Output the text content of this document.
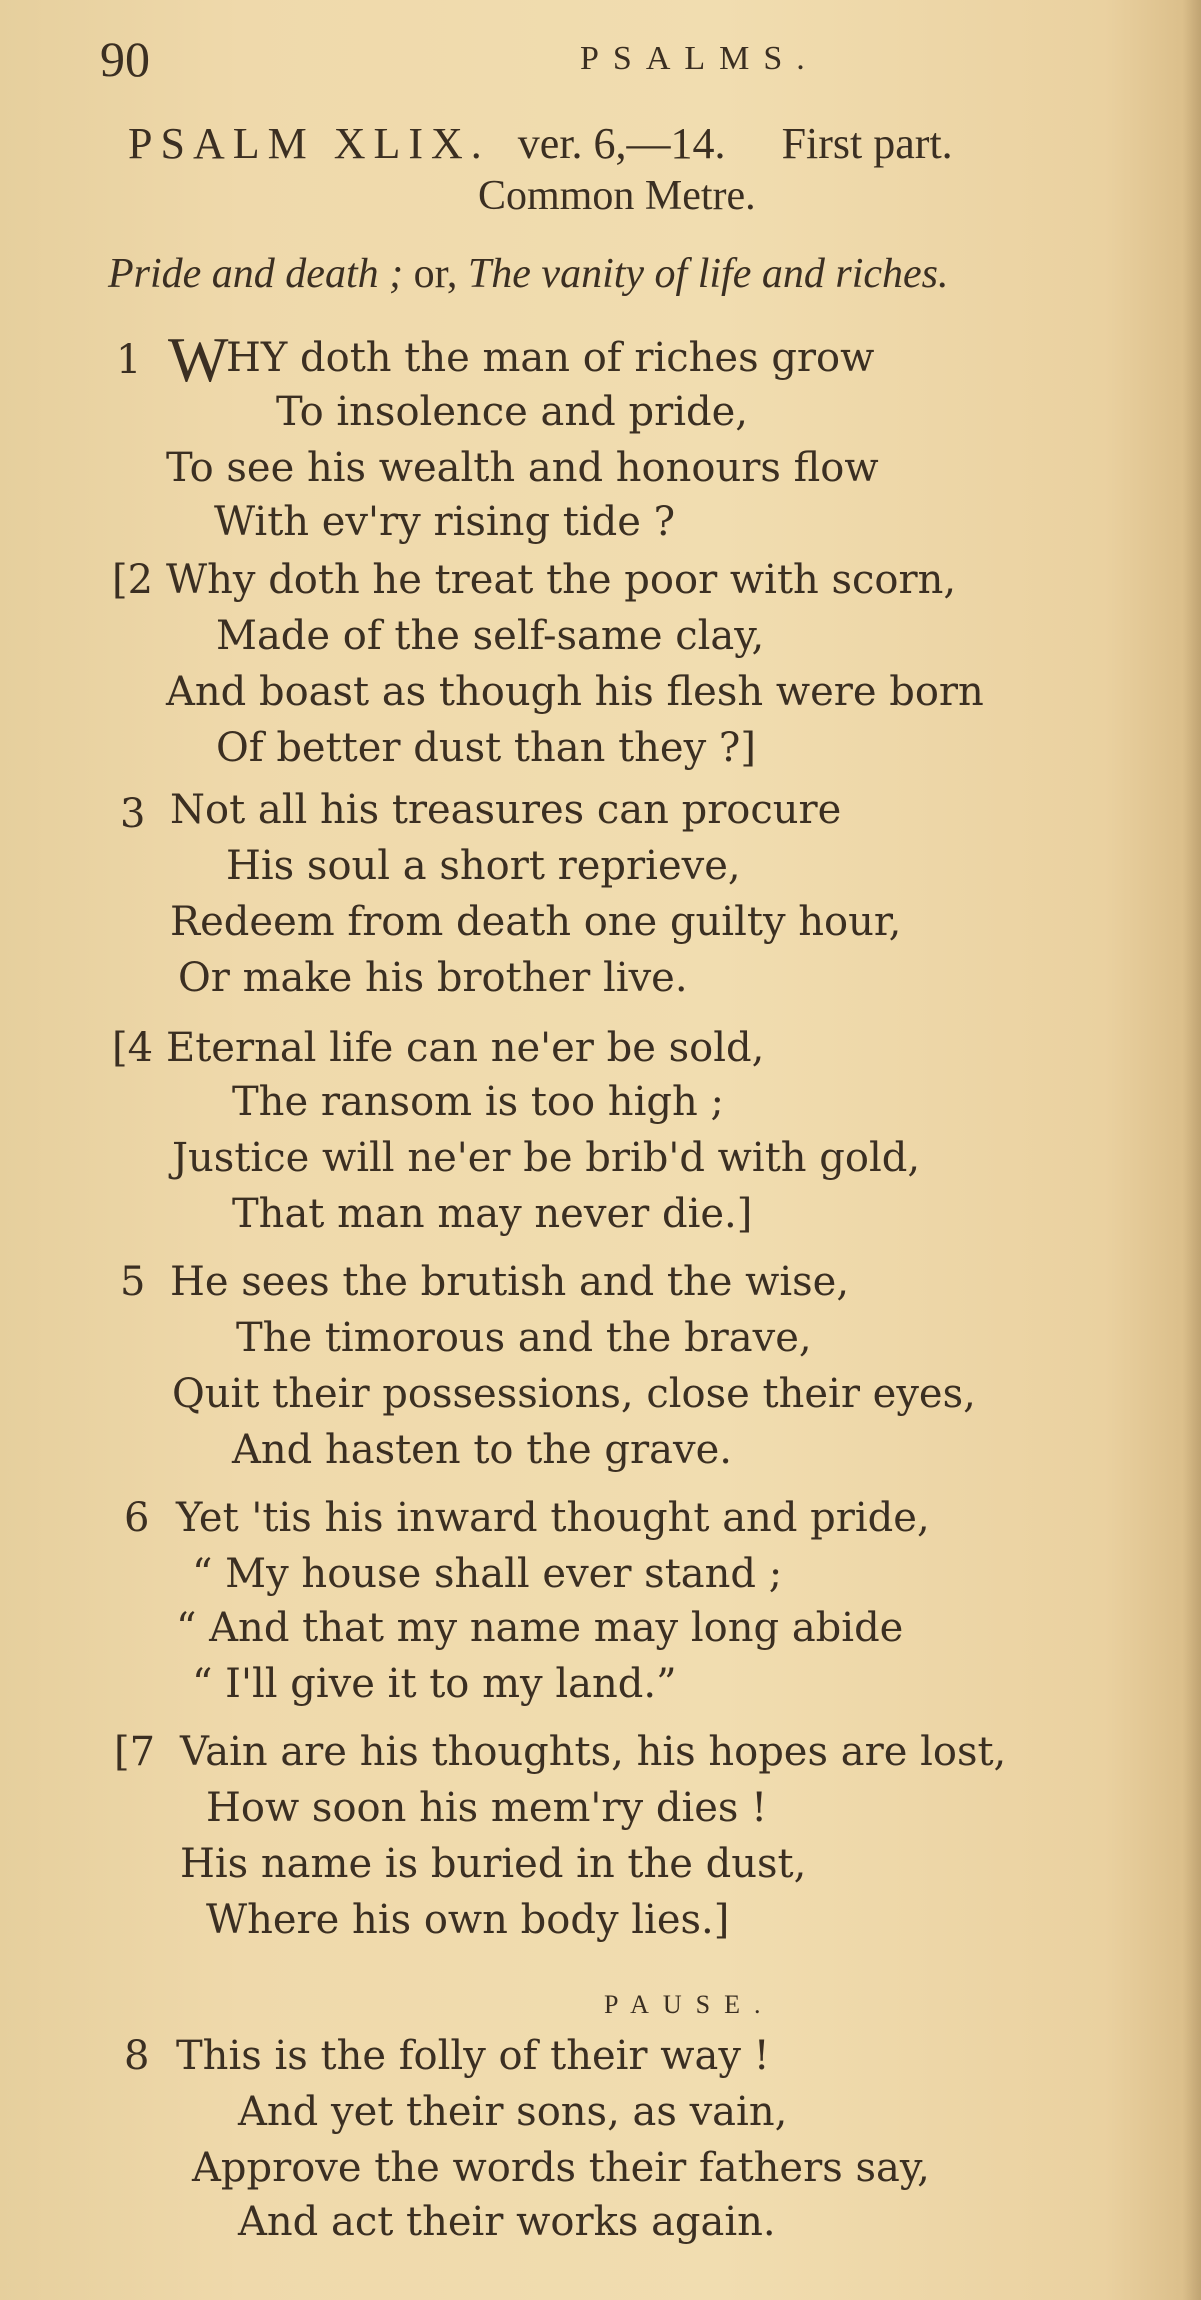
90	PSALMS.
PSALM XLIX. ver. 6,—14. First part.
Common Metre.
Pride and death ; or, The vanity of life and riches.
1 W
HY doth the man of riches grow
To insolence and pride,
To see his wealth and honours flow
With ev'ry rising tide ?
[2 Why doth he treat the poor with scorn,
Made of the self-same clay,
And boast as though his flesh were born
Of better dust than they ?]
3 Not all his treasures can procure
His soul a short reprieve,
Redeem from death one guilty hour,
Or make his brother live.
[4 Eternal life can ne'er be sold,
The ransom is too high ;
Justice will ne'er be brib'd with gold,
That man may never die.]
5 He sees the brutish and the wise,
The timorous and the brave,
Quit their possessions, close their eyes,
And hasten to the grave.
6 Yet 'tis his inward thought and pride,
“ My house shall ever stand ;
“ And that my name may long abide
“ I'll give it to my land.”
[7 Vain are his thoughts, his hopes are lost,
How soon his mem'ry dies !
His name is buried in the dust,
Where his own body lies.]
PAUSE.
8 This is the folly of their way !
And yet their sons, as vain,
Approve the words their fathers say,
And act their works again.
